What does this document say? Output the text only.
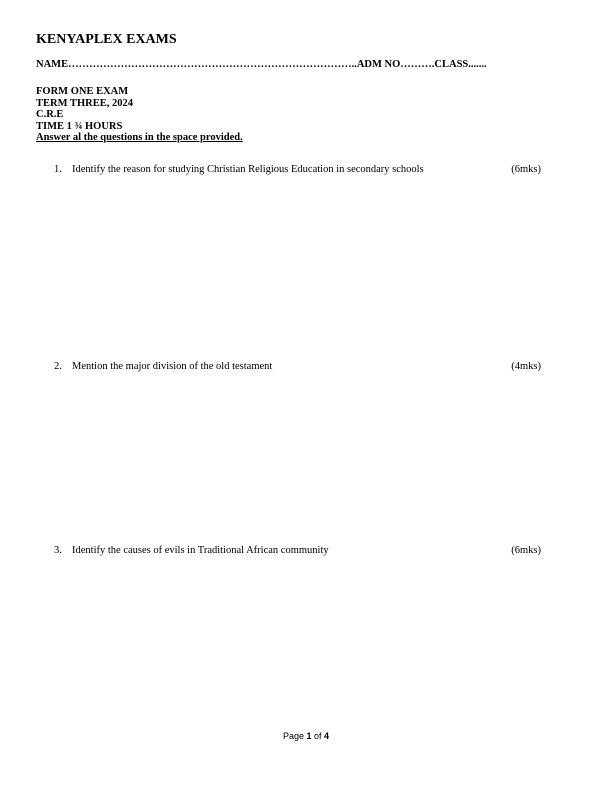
KENYAPLEX EXAMS
NAME………………………………………………………………………..ADM NO……….CLASS.......
FORM ONE EXAM
TERM THREE, 2024
C.R.E
TIME 1 ¾ HOURS
Answer al the questions in the space provided.
1. Identify the reason for studying Christian Religious Education in secondary schools	(6mks)
2. Mention the major division of the old testament	(4mks)
3. Identify the causes of evils in Traditional African community	(6mks)
Page 1 of 4
